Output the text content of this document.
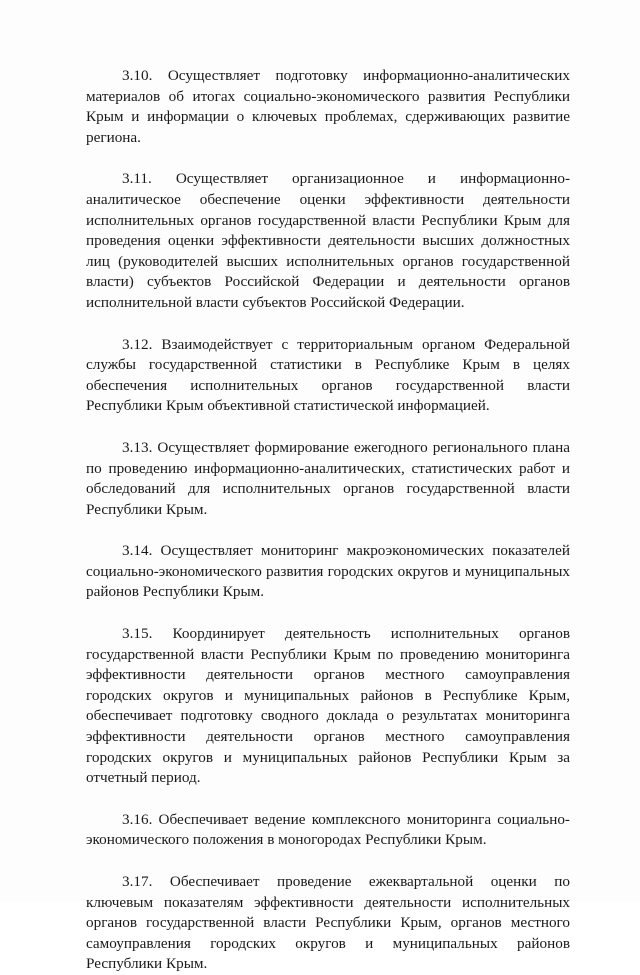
3.10. Осуществляет подготовку информационно-аналитических материалов об итогах социально-экономического развития Республики Крым и информации о ключевых проблемах, сдерживающих развитие региона.

3.11. Осуществляет организационное и информационно-аналитическое обеспечение оценки эффективности деятельности исполнительных органов государственной власти Республики Крым для проведения оценки эффективности деятельности высших должностных лиц (руководителей высших исполнительных органов государственной власти) субъектов Российской Федерации и деятельности органов исполнительной власти субъектов Российской Федерации.

3.12. Взаимодействует с территориальным органом Федеральной службы государственной статистики в Республике Крым в целях обеспечения исполнительных органов государственной власти Республики Крым объективной статистической информацией.

3.13. Осуществляет формирование ежегодного регионального плана по проведению информационно-аналитических, статистических работ и обследований для исполнительных органов государственной власти Республики Крым.

3.14. Осуществляет мониторинг макроэкономических показателей социально-экономического развития городских округов и муниципальных районов Республики Крым.

3.15. Координирует деятельность исполнительных органов государственной власти Республики Крым по проведению мониторинга эффективности деятельности органов местного самоуправления городских округов и муниципальных районов в Республике Крым, обеспечивает подготовку сводного доклада о результатах мониторинга эффективности деятельности органов местного самоуправления городских округов и муниципальных районов Республики Крым за отчетный период.

3.16. Обеспечивает ведение комплексного мониторинга социально-экономического положения в моногородах Республики Крым.

3.17. Обеспечивает проведение ежеквартальной оценки по ключевым показателям эффективности деятельности исполнительных органов государственной власти Республики Крым, органов местного самоуправления городских округов и муниципальных районов Республики Крым.
